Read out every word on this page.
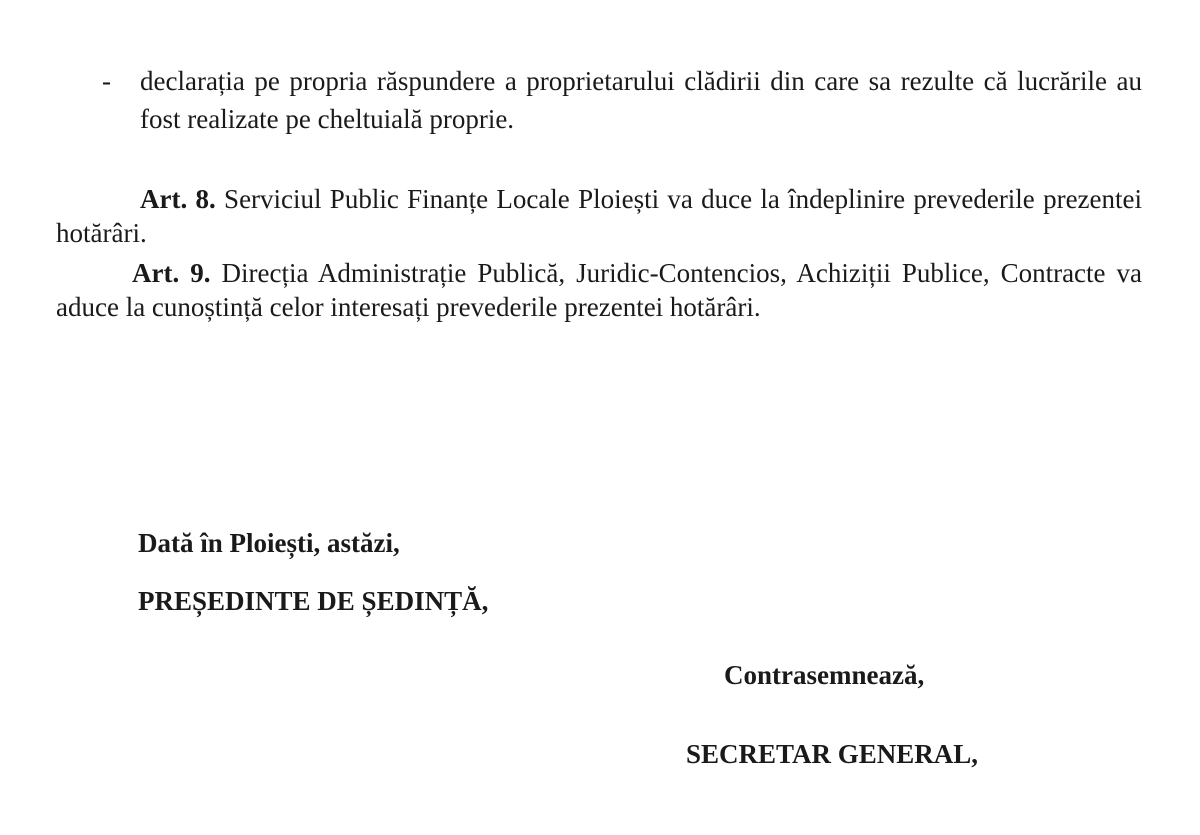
- declarația pe propria răspundere a proprietarului clădirii din care sa rezulte că lucrările au fost realizate pe cheltuială proprie.
Art. 8. Serviciul Public Finanțe Locale Ploiești va duce la îndeplinire prevederile prezentei hotărâri.
Art. 9. Direcția Administrație Publică, Juridic-Contencios, Achiziții Publice, Contracte va aduce la cunoștință celor interesați prevederile prezentei hotărâri.
Dată în Ploiești, astăzi,
PREȘEDINTE DE ȘEDINȚĂ,
Contrasemnează,
SECRETAR GENERAL,
